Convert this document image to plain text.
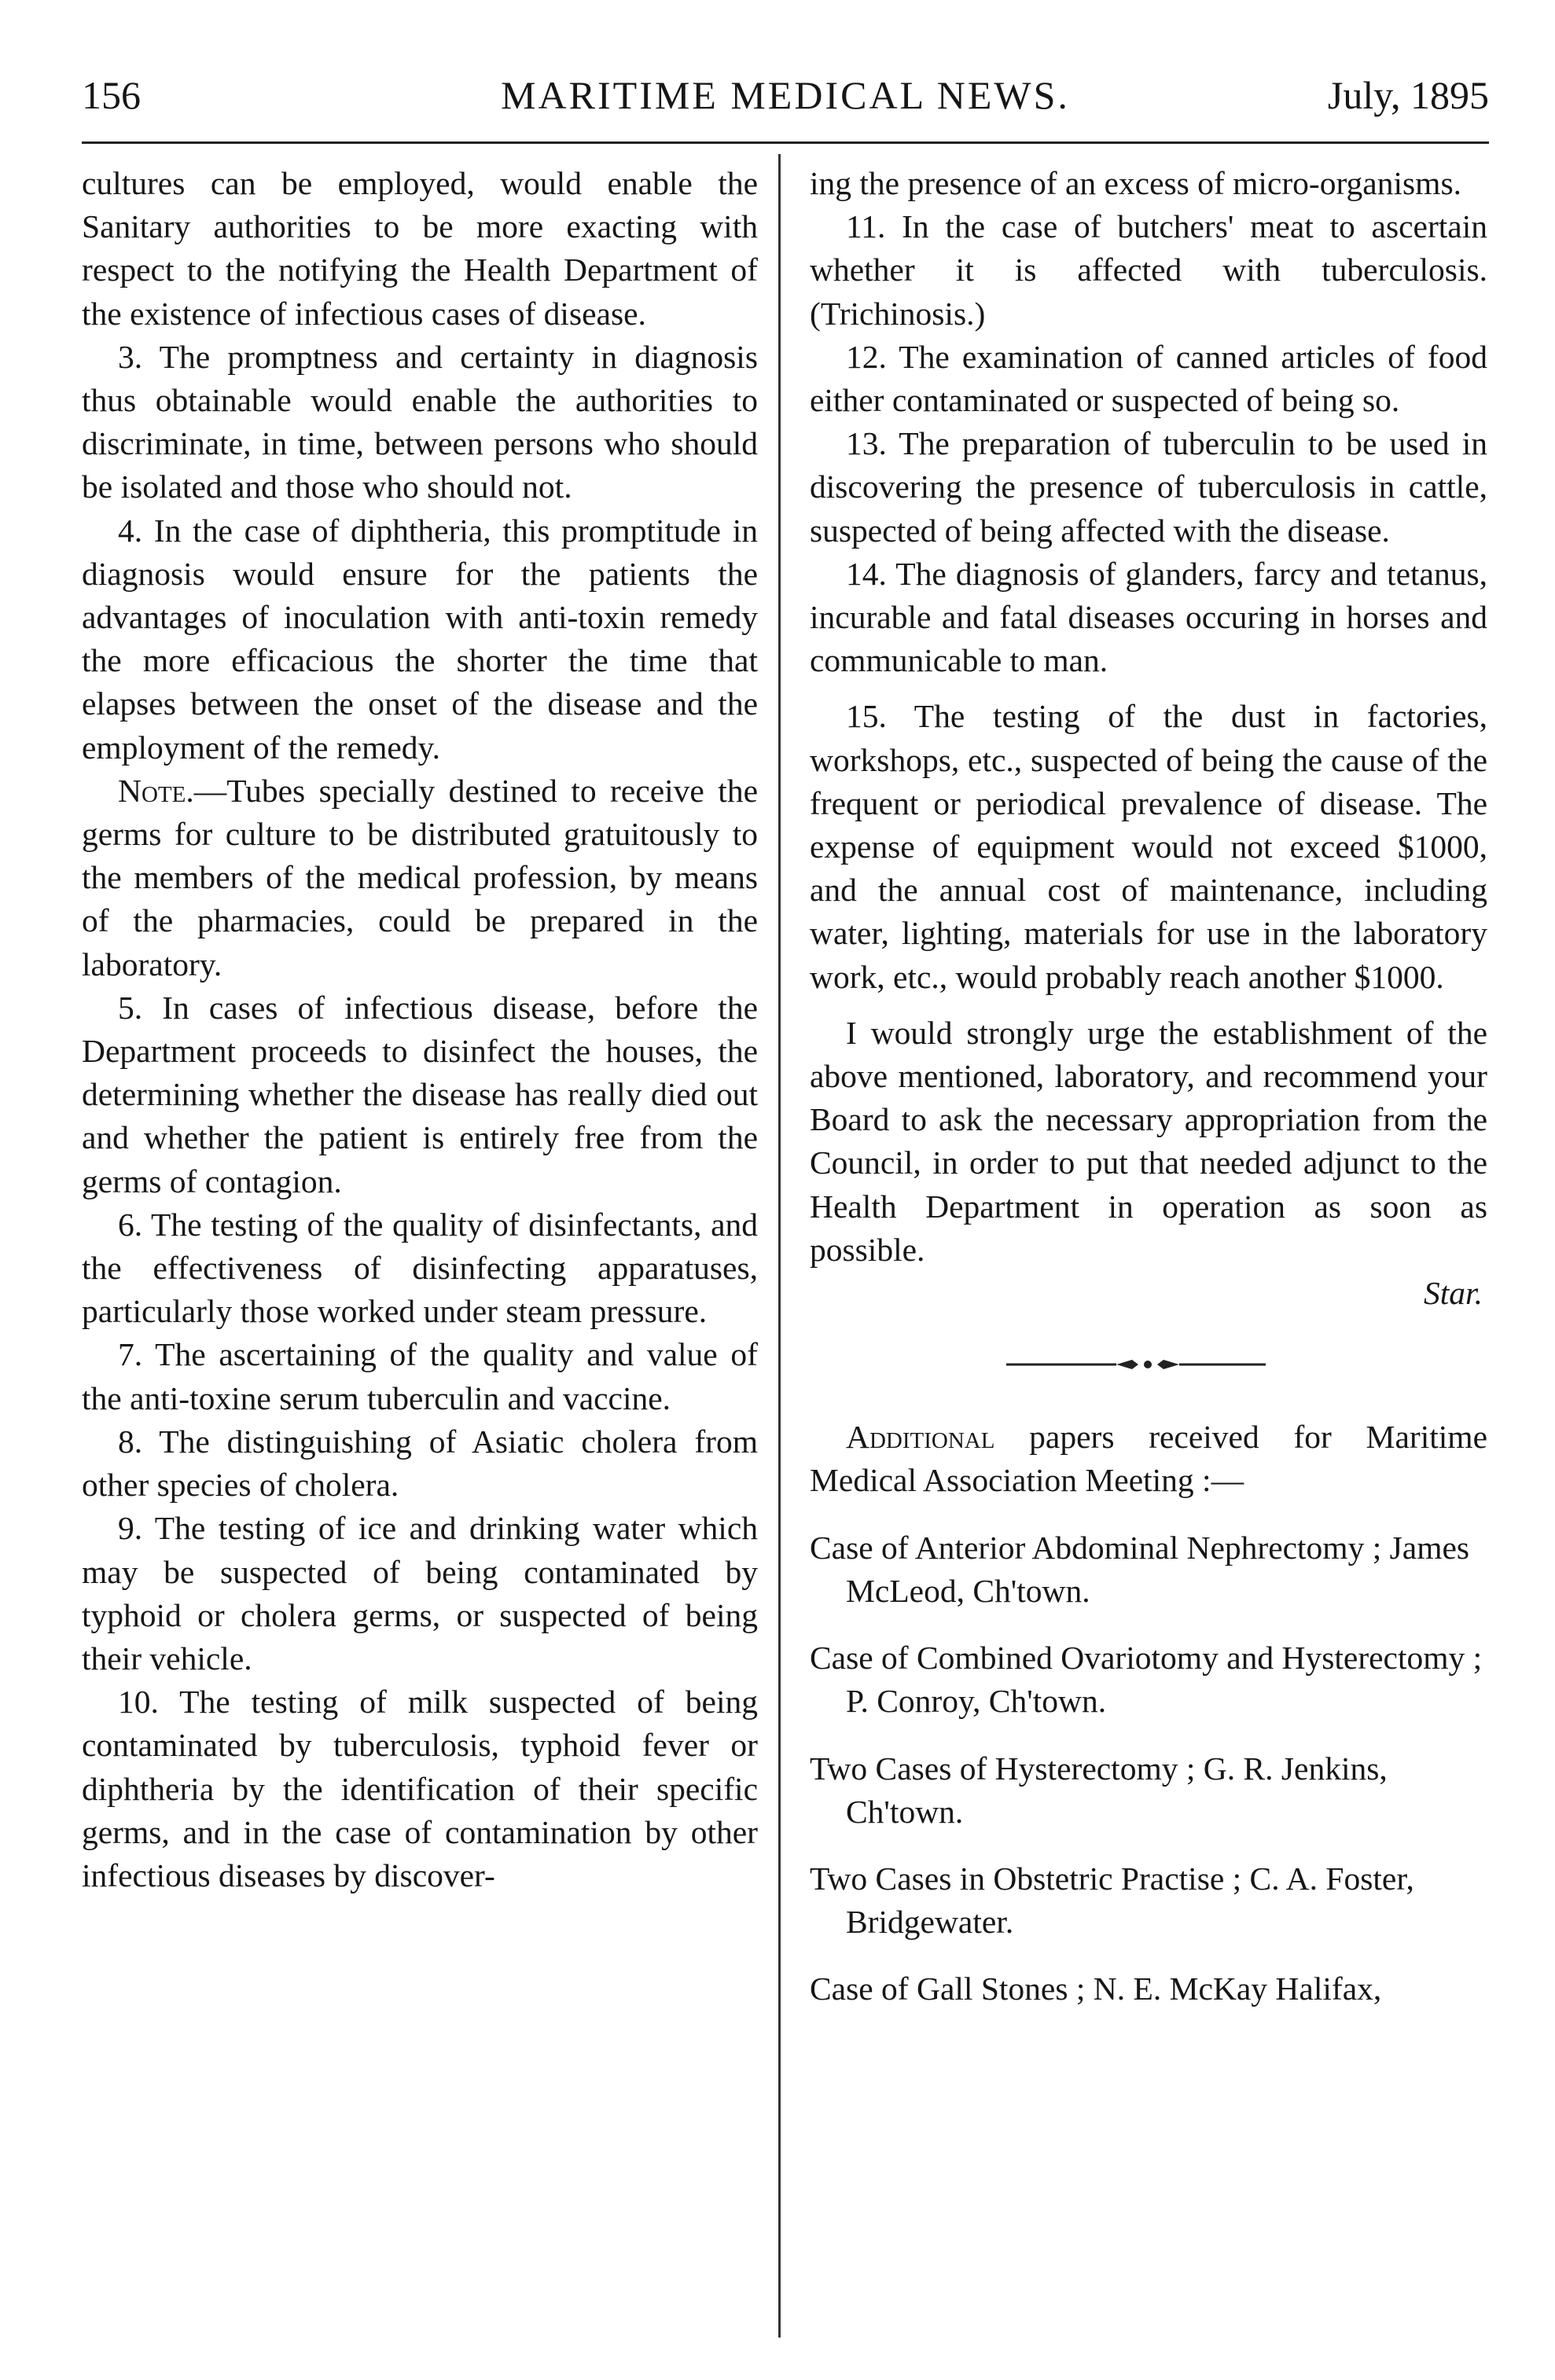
156	MARITIME MEDICAL NEWS.	July, 1895

cultures can be employed, would enable the Sanitary authorities to be more exacting with respect to the notifying the Health Department of the existence of infectious cases of disease.

3. The promptness and certainty in diagnosis thus obtainable would enable the authorities to discriminate, in time, between persons who should be isolated and those who should not.

4. In the case of diphtheria, this promptitude in diagnosis would ensure for the patients the advantages of inoculation with anti-toxin remedy the more efficacious the shorter the time that elapses between the onset of the disease and the employment of the remedy.

Note.—Tubes specially destined to receive the germs for culture to be distributed gratuitously to the members of the medical profession, by means of the pharmacies, could be prepared in the laboratory.

5. In cases of infectious disease, before the Department proceeds to disinfect the houses, the determining whether the disease has really died out and whether the patient is entirely free from the germs of contagion.

6. The testing of the quality of disinfectants, and the effectiveness of disinfecting apparatuses, particularly those worked under steam pressure.

7. The ascertaining of the quality and value of the anti-toxine serum tuberculin and vaccine.

8. The distinguishing of Asiatic cholera from other species of cholera.

9. The testing of ice and drinking water which may be suspected of being contaminated by typhoid or cholera germs, or suspected of being their vehicle.

10. The testing of milk suspected of being contaminated by tuberculosis, typhoid fever or diphtheria by the identification of their specific germs, and in the case of contamination by other infectious diseases by discover-

ing the presence of an excess of micro-organisms.

11. In the case of butchers' meat to ascertain whether it is affected with tuberculosis. (Trichinosis.)

12. The examination of canned articles of food either contaminated or suspected of being so.

13. The preparation of tuberculin to be used in discovering the presence of tuberculosis in cattle, suspected of being affected with the disease.

14. The diagnosis of glanders, farcy and tetanus, incurable and fatal diseases occuring in horses and communicable to man.

15. The testing of the dust in factories, workshops, etc., suspected of being the cause of the frequent or periodical prevalence of disease. The expense of equipment would not exceed $1000, and the annual cost of maintenance, including water, lighting, materials for use in the laboratory work, etc., would probably reach another $1000.

I would strongly urge the establishment of the above mentioned, laboratory, and recommend your Board to ask the necessary appropriation from the Council, in order to put that needed adjunct to the Health Department in operation as soon as possible.

Star.

Additional papers received for Maritime Medical Association Meeting :—

Case of Anterior Abdominal Nephrectomy ; James McLeod, Ch'town.

Case of Combined Ovariotomy and Hysterectomy ; P. Conroy, Ch'town.

Two Cases of Hysterectomy ; G. R. Jenkins, Ch'town.

Two Cases in Obstetric Practise ; C. A. Foster, Bridgewater.

Case of Gall Stones ; N. E. McKay Halifax,
